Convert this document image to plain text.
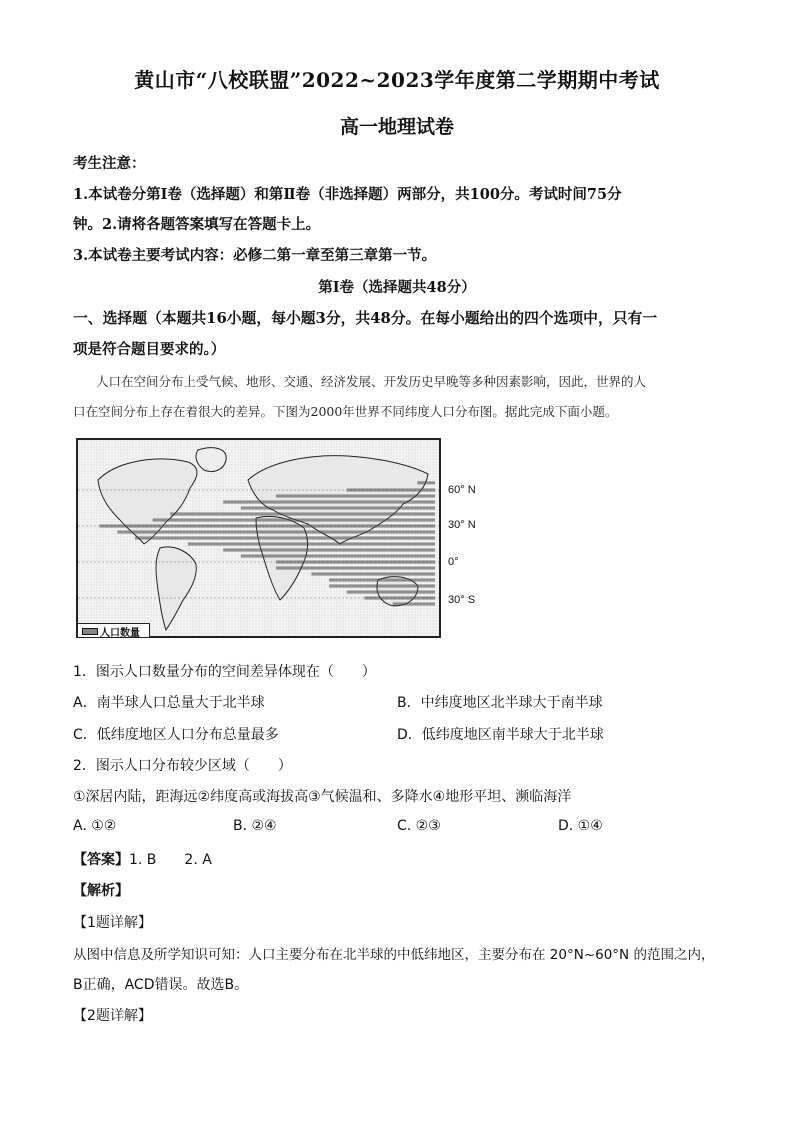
黄山市“八校联盟”2022~2023学年度第二学期期中考试
高一地理试卷
考生注意：
1.本试卷分第Ⅰ卷（选择题）和第Ⅱ卷（非选择题）两部分，共100分。考试时间75分
钟。2.请将各题答案填写在答题卡上。
3.本试卷主要考试内容：必修二第一章至第三章第一节。
第Ⅰ卷（选择题共48分）
一、选择题（本题共16小题，每小题3分，共48分。在每小题给出的四个选项中，只有一
项是符合题目要求的。）
人口在空间分布上受气候、地形、交通、经济发展、开发历史早晚等多种因素影响，因此，世界的人
口在空间分布上存在着很大的差异。下图为2000年世界不同纬度人口分布图。据此完成下面小题。
60° N
30° N
0°
30° S
人口数量
1．图示人口数量分布的空间差异体现在（　　）
A．南半球人口总量大于北半球	B．中纬度地区北半球大于南半球
C．低纬度地区人口分布总量最多	D．低纬度地区南半球大于北半球
2．图示人口分布较少区域（　　）
①深居内陆，距海远②纬度高或海拔高③气候温和、多降水④地形平坦、濒临海洋
A. ①②	B. ②④	C. ②③	D. ①④
【答案】1. B　　2. A
【解析】
【1题详解】
从图中信息及所学知识可知：人口主要分布在北半球的中低纬地区，主要分布在 20°N~60°N 的范围之内，
B正确，ACD错误。故选B。
【2题详解】
